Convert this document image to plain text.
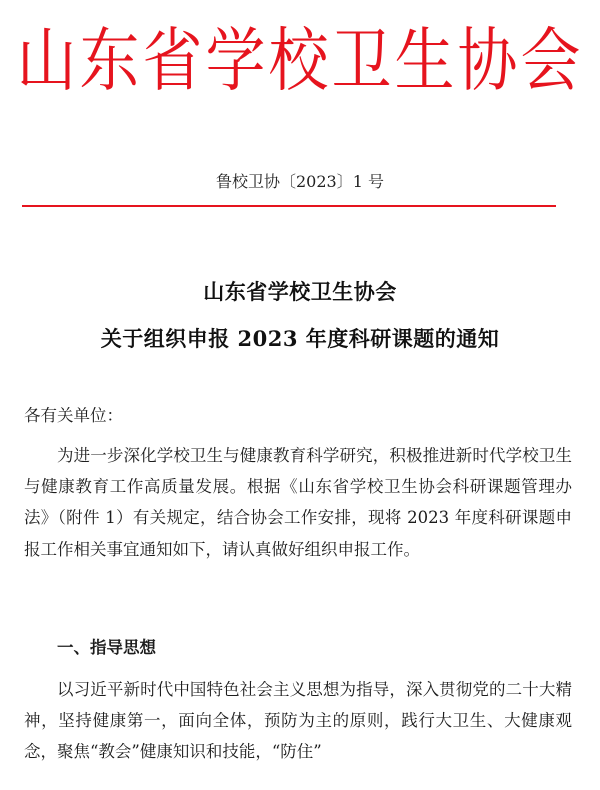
山东省学校卫生协会
鲁校卫协〔2023〕1 号
山东省学校卫生协会
关于组织申报 2023 年度科研课题的通知
各有关单位：
为进一步深化学校卫生与健康教育科学研究，积极推进新时代学校卫生与健康教育工作高质量发展。根据《山东省学校卫生协会科研课题管理办法》（附件 1）有关规定，结合协会工作安排，现将 2023 年度科研课题申报工作相关事宜通知如下，请认真做好组织申报工作。
一、指导思想
以习近平新时代中国特色社会主义思想为指导，深入贯彻党的二十大精神，坚持健康第一，面向全体，预防为主的原则，践行大卫生、大健康观念，聚焦“教会”健康知识和技能，“防住”
